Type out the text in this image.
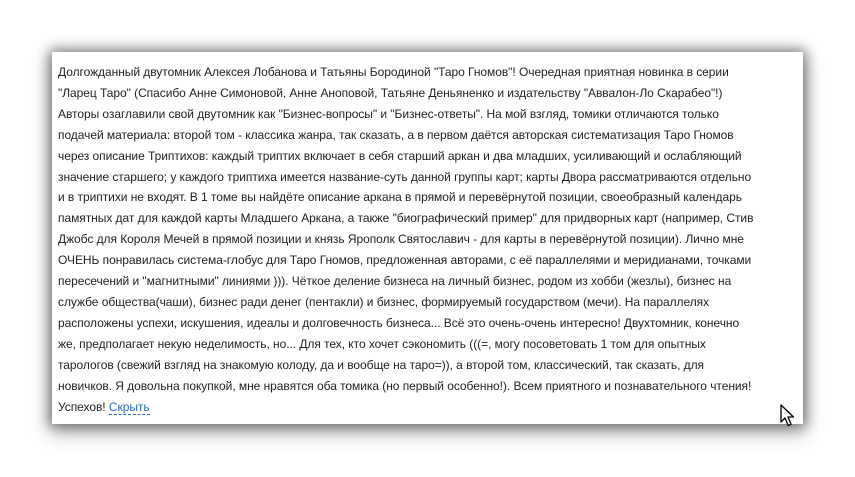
Долгожданный двутомник Алексея Лобанова и Татьяны Бородиной "Таро Гномов"! Очередная приятная новинка в серии
"Ларец Таро" (Спасибо Анне Симоновой, Анне Аноповой, Татьяне Деньяненко и издательству "Аввалон-Ло Скарабео"!)
Авторы озаглавили свой двутомник как "Бизнес-вопросы" и "Бизнес-ответы". На мой взгляд, томики отличаются только
подачей материала: второй том - классика жанра, так сказать, а в первом даётся авторская систематизация Таро Гномов
через описание Триптихов: каждый триптих включает в себя старший аркан и два младших, усиливающий и ослабляющий
значение старшего; у каждого триптиха имеется название-суть данной группы карт; карты Двора рассматриваются отдельно
и в триптихи не входят. В 1 томе вы найдёте описание аркана в прямой и перевёрнутой позиции, своеобразный календарь
памятных дат для каждой карты Младшего Аркана, а также "биографический пример" для придворных карт (например, Стив
Джобс для Короля Мечей в прямой позиции и князь Ярополк Святославич - для карты в перевёрнутой позиции). Лично мне
ОЧЕНЬ понравилась система-глобус для Таро Гномов, предложенная авторами, с её параллелями и меридианами, точками
пересечений и "магнитными" линиями ))). Чёткое деление бизнеса на личный бизнес, родом из хобби (жезлы), бизнес на
службе общества(чаши), бизнес ради денег (пентакли) и бизнес, формируемый государством (мечи). На параллелях
расположены успехи, искушения, идеалы и долговечность бизнеса... Всё это очень-очень интересно! Двухтомник, конечно
же, предполагает некую неделимость, но... Для тех, кто хочет сэкономить (((=, могу посоветовать 1 том для опытных
тарологов (свежий взгляд на знакомую колоду, да и вообще на таро=)), а второй том, классический, так сказать, для
новичков. Я довольна покупкой, мне нравятся оба томика (но первый особенно!). Всем приятного и познавательного чтения!
Успехов! Скрыть
